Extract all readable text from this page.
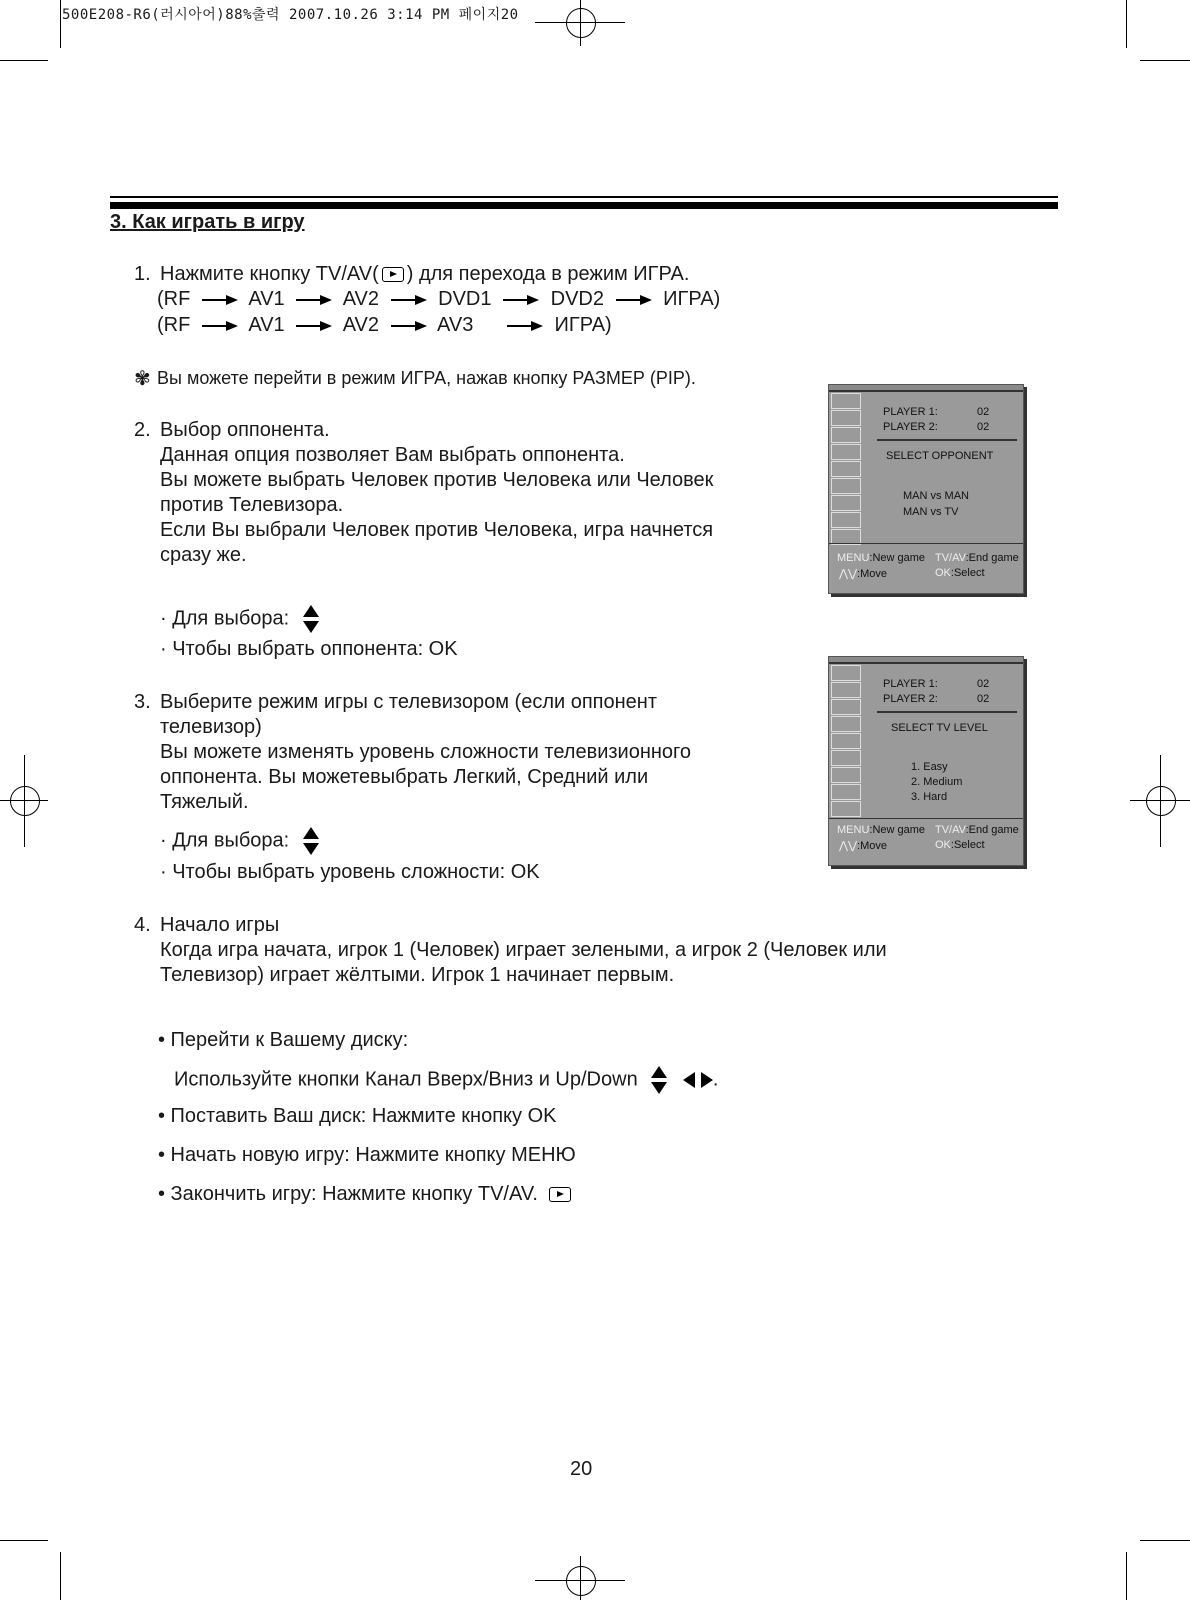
500E208-R6(러시아어)88%출력 2007.10.26 3:14 PM 페이지20
3. Как играть в игру
1. Нажмите кнопку TV/AV( ) для перехода в режим ИГРА.
(RF	AV1	AV2	DVD1	DVD2	ИГРА)
(RF	AV1	AV2	AV3	ИГРА)
✾ Вы можете перейти в режим ИГРА, нажав кнопку РАЗМЕР (PIP).
2. Выбор оппонента.
Данная опция позволяет Вам выбрать оппонента.
Вы можете выбрать Человек против Человека или Человек
против Телевизора.
Если Вы выбрали Человек против Человека, игра начнется
сразу же.
· Для выбора:
· Чтобы выбрать оппонента: OK
3. Выберите режим игры с телевизором (если оппонент
телевизор)
Вы можете изменять уровень сложности телевизионного
оппонента. Вы можетевыбрать Легкий, Средний или
Тяжелый.
· Для выбора:
· Чтобы выбрать уровень сложности: OK
4. Начало игры
Когда игра начата, игрок 1 (Человек) играет зелеными, а игрок 2 (Человек или
Телевизор) играет жёлтыми. Игрок 1 начинает первым.
• Перейти к Вашему диску:
Используйте кнопки Канал Вверх/Вниз и Up/Down	.
• Поставить Ваш диск: Нажмите кнопку OK
• Начать новую игру: Нажмите кнопку МЕНЮ
• Закончить игру: Нажмите кнопку TV/AV.
PLAYER 1:	02
PLAYER 2:	02
SELECT OPPONENT
MAN vs MAN
MAN vs TV
MENU:New game TV/AV:End game
⋀⋁:Move	OK:Select
PLAYER 1:	02
PLAYER 2:	02
SELECT TV LEVEL
1. Easy
2. Medium
3. Hard
MENU:New game TV/AV:End game
⋀⋁:Move	OK:Select
20
